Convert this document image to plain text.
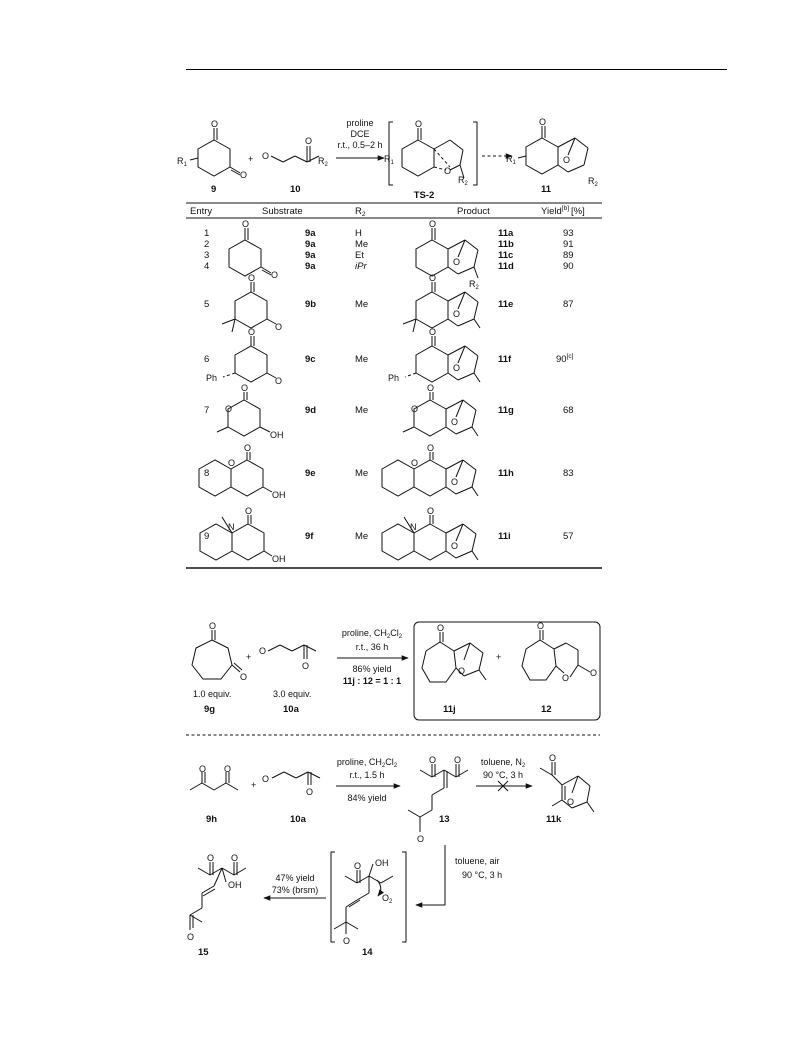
O
O
$R_1$
9
+ O
O
$R_2$
10
proline
DCE
r.t., 0.5–2 h
O
O
$R_1$
$R_2$
TS-2
O
O
$R_1$
$R_2$
11
Entry	Substrate	$R_2$	Product	Yield[b] [%]
1	9a	H	11a	93
2	9a	Me	11b	91
3	9a	Et	11c	89
4	9a	iPr	11d	90
O
O
O
O
$R_2$
5	9b	Me	11e	87
O
O
O
O
6	9c	Me	11f	90[c]
O
O
Ph
O
O
Ph
7	9d	Me	11g	68
O
O
OH
O
O
O
8	9e	Me	11h	83
O
O
OH
O
O
O
9	9f	Me	11i	57
O
N
OH
O
N
O
O
O
1.0 equiv.
9g
+
O
O
3.0 equiv.
10a
proline, $CH_2Cl_2$
r.t., 36 h
86% yield
11j : 12 = 1 : 1
O
O
11j
+
O
O O
12
O O
9h
+
O
O
10a
proline, $CH_2Cl_2$
r.t., 1.5 h
84% yield
O O
O
13
toluene, $N_2$
90 °C, 3 h
O
O
11k
toluene, air
90 °C, 3 h
O OH
$O_2$
O
14
47% yield
73% (brsm)
O O
OH
O
15
